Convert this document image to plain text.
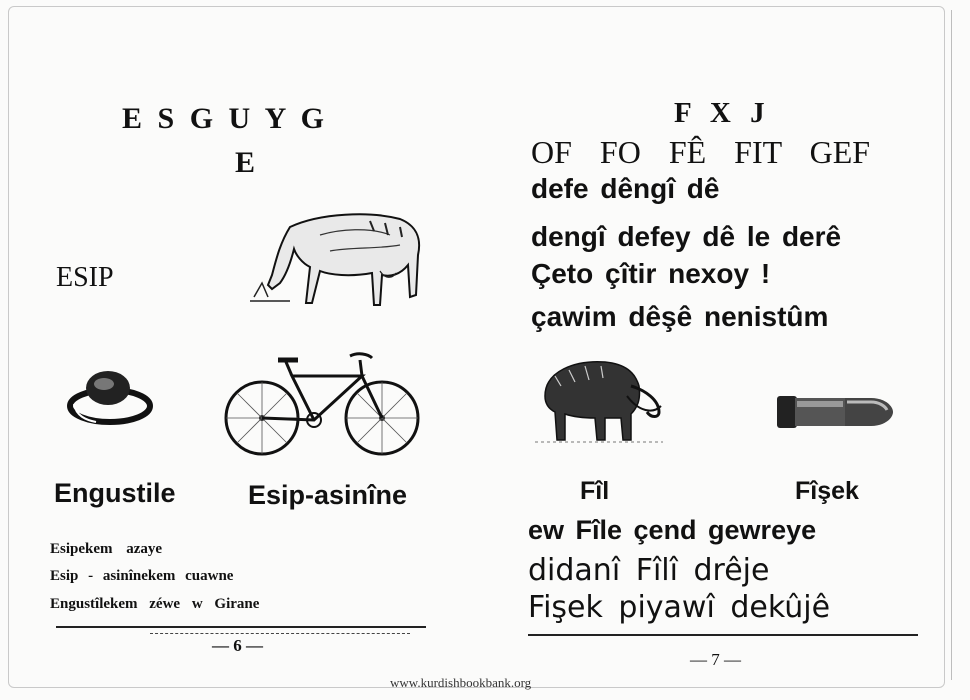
E S G U Y G
E
ESIP
Engustile	Esip-asinîne
Esipekem azaye
Esip - asinînekem cuawne
Engustîlekem zéwe w Girane
— 6 —
F X J
OF FO FÊ FIT GEF
defe dêngî dê
dengî defey dê le derê
Çeto çîtir nexoy !
çawim dêşê nenistûm
Fîl	Fîşek
ew Fîle çend gewreye
didanî Fîlî drêje
Fişek piyawî dekûjê
— 7 —
www.kurdishbookbank.org
